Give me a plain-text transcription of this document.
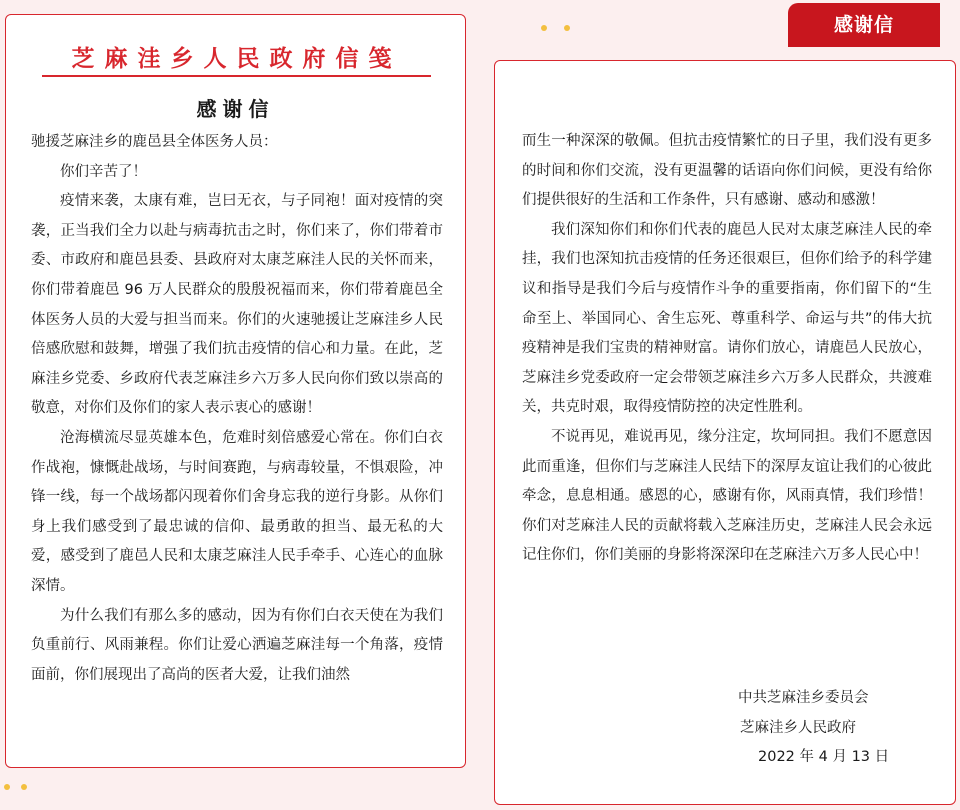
感谢信
芝麻洼乡人民政府信笺
感谢信

驰援芝麻洼乡的鹿邑县全体医务人员：

你们辛苦了！

疫情来袭，太康有难，岂曰无衣，与子同袍！面对疫情的突袭，正当我们全力以赴与病毒抗击之时，你们来了，你们带着市委、市政府和鹿邑县委、县政府对太康芝麻洼人民的关怀而来，你们带着鹿邑 96 万人民群众的殷殷祝福而来，你们带着鹿邑全体医务人员的大爱与担当而来。你们的火速驰援让芝麻洼乡人民倍感欣慰和鼓舞，增强了我们抗击疫情的信心和力量。在此，芝麻洼乡党委、乡政府代表芝麻洼乡六万多人民向你们致以崇高的敬意，对你们及你们的家人表示衷心的感谢！

沧海横流尽显英雄本色，危难时刻倍感爱心常在。你们白衣作战袍，慷慨赴战场，与时间赛跑，与病毒较量，不惧艰险，冲锋一线，每一个战场都闪现着你们舍身忘我的逆行身影。从你们身上我们感受到了最忠诚的信仰、最勇敢的担当、最无私的大爱，感受到了鹿邑人民和太康芝麻洼人民手牵手、心连心的血脉深情。

为什么我们有那么多的感动，因为有你们白衣天使在为我们负重前行、风雨兼程。你们让爱心洒遍芝麻洼每一个角落，疫情面前，你们展现出了高尚的医者大爱，让我们油然

而生一种深深的敬佩。但抗击疫情繁忙的日子里，我们没有更多的时间和你们交流，没有更温馨的话语向你们问候，更没有给你们提供很好的生活和工作条件，只有感谢、感动和感激！

我们深知你们和你们代表的鹿邑人民对太康芝麻洼人民的牵挂，我们也深知抗击疫情的任务还很艰巨，但你们给予的科学建议和指导是我们今后与疫情作斗争的重要指南，你们留下的“生命至上、举国同心、舍生忘死、尊重科学、命运与共”的伟大抗疫精神是我们宝贵的精神财富。请你们放心，请鹿邑人民放心，芝麻洼乡党委政府一定会带领芝麻洼乡六万多人民群众，共渡难关，共克时艰，取得疫情防控的决定性胜利。

不说再见，难说再见，缘分注定，坎坷同担。我们不愿意因此而重逢，但你们与芝麻洼人民结下的深厚友谊让我们的心彼此牵念，息息相通。感恩的心，感谢有你，风雨真情，我们珍惜！你们对芝麻洼人民的贡献将载入芝麻洼历史，芝麻洼人民会永远记住你们，你们美丽的身影将深深印在芝麻洼六万多人民心中！

中共芝麻洼乡委员会
芝麻洼乡人民政府
2022 年 4 月 13 日
